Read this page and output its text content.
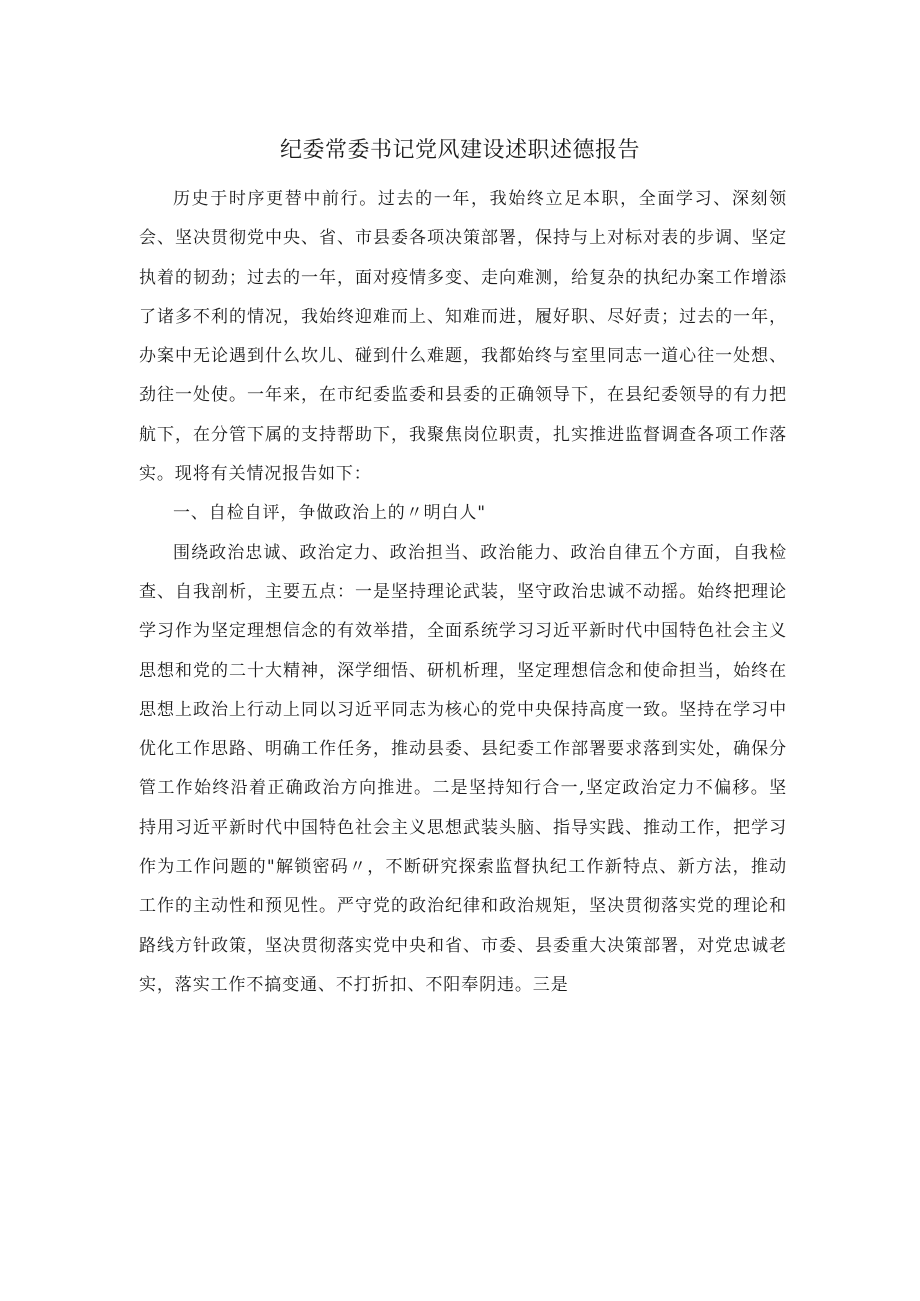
纪委常委书记党风建设述职述德报告

历史于时序更替中前行。过去的一年，我始终立足本职，全面学习、深刻领会、坚决贯彻党中央、省、市县委各项决策部署，保持与上对标对表的步调、坚定执着的韧劲；过去的一年，面对疫情多变、走向难测，给复杂的执纪办案工作增添了诸多不利的情况，我始终迎难而上、知难而进，履好职、尽好责；过去的一年，办案中无论遇到什么坎儿、碰到什么难题，我都始终与室里同志一道心往一处想、劲往一处使。一年来，在市纪委监委和县委的正确领导下，在县纪委领导的有力把航下，在分管下属的支持帮助下，我聚焦岗位职责，扎实推进监督调查各项工作落实。现将有关情况报告如下：

一、自检自评，争做政治上的〃明白人"

围绕政治忠诚、政治定力、政治担当、政治能力、政治自律五个方面，自我检查、自我剖析，主要五点：一是坚持理论武装，坚守政治忠诚不动摇。始终把理论学习作为坚定理想信念的有效举措，全面系统学习习近平新时代中国特色社会主义思想和党的二十大精神，深学细悟、研机析理，坚定理想信念和使命担当，始终在思想上政治上行动上同以习近平同志为核心的党中央保持高度一致。坚持在学习中优化工作思路、明确工作任务，推动县委、县纪委工作部署要求落到实处，确保分管工作始终沿着正确政治方向推进。二是坚持知行合一,坚定政治定力不偏移。坚持用习近平新时代中国特色社会主义思想武装头脑、指导实践、推动工作，把学习作为工作问题的"解锁密码〃，不断研究探索监督执纪工作新特点、新方法，推动工作的主动性和预见性。严守党的政治纪律和政治规矩，坚决贯彻落实党的理论和路线方针政策，坚决贯彻落实党中央和省、市委、县委重大决策部署，对党忠诚老实，落实工作不搞变通、不打折扣、不阳奉阴违。三是
